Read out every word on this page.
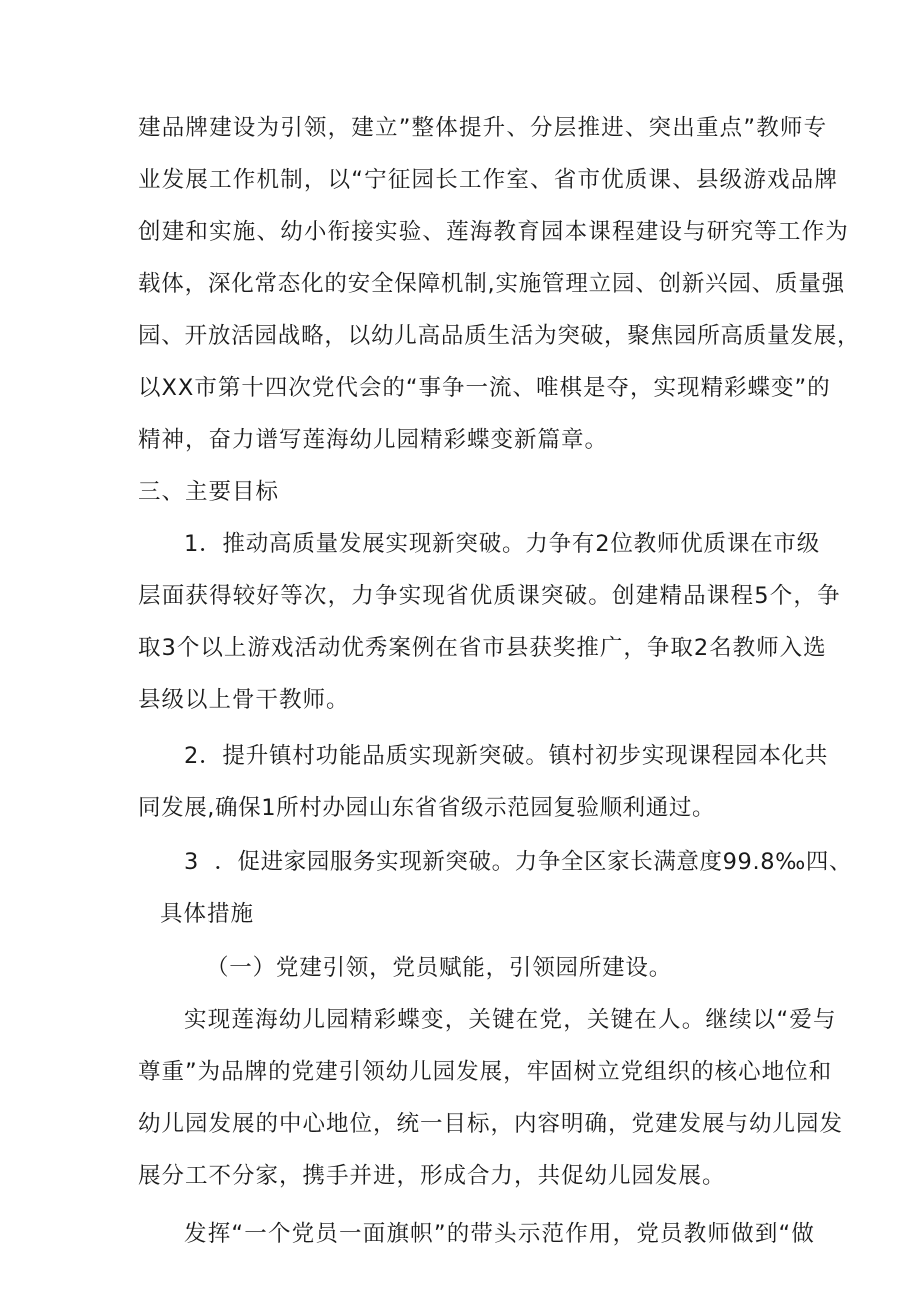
建品牌建设为引领，建立”整体提升、分层推进、突出重点”教师专
业发展工作机制，以“宁征园长工作室、省市优质课、县级游戏品牌
创建和实施、幼小衔接实验、莲海教育园本课程建设与研究等工作为
载体，深化常态化的安全保障机制,实施管理立园、创新兴园、质量强
园、开放活园战略，以幼儿高品质生活为突破，聚焦园所高质量发展，
以XX市第十四次党代会的“事争一流、唯棋是夺，实现精彩蝶变”的
精神，奋力谱写莲海幼儿园精彩蝶变新篇章。
三、主要目标
1．推动高质量发展实现新突破。力争有2位教师优质课在市级
层面获得较好等次，力争实现省优质课突破。创建精品课程5个，争
取3个以上游戏活动优秀案例在省市县获奖推广，争取2名教师入选
县级以上骨干教师。
2．提升镇村功能品质实现新突破。镇村初步实现课程园本化共
同发展,确保1所村办园山东省省级示范园复验顺利通过。
3  ．促进家园服务实现新突破。力争全区家长满意度99.8‰四、
具体措施
（一）党建引领，党员赋能，引领园所建设。
实现莲海幼儿园精彩蝶变，关键在党，关键在人。继续以“爱与
尊重”为品牌的党建引领幼儿园发展，牢固树立党组织的核心地位和
幼儿园发展的中心地位，统一目标，内容明确，党建发展与幼儿园发
展分工不分家，携手并进，形成合力，共促幼儿园发展。
发挥“一个党员一面旗帜”的带头示范作用，党员教师做到“做
